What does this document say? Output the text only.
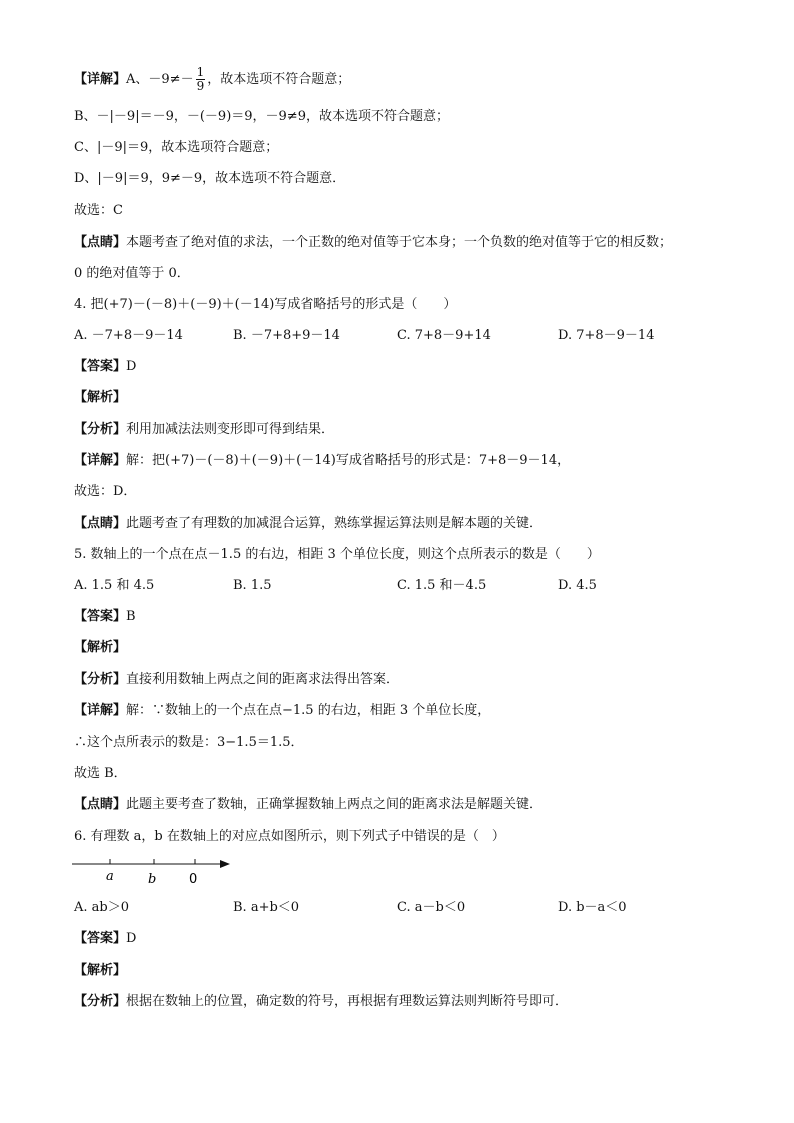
【详解】A、$-9\ne- \frac{1}{9}$ ，故本选项不符合题意；
B、－|－9|＝－9，－(－9)＝9，－9≠9，故本选项不符合题意；
C、|－9|＝9，故本选项符合题意；
D、|－9|＝9，9≠－9，故本选项不符合题意．
故选：C
【点睛】本题考查了绝对值的求法，一个正数的绝对值等于它本身；一个负数的绝对值等于它的相反数；
0 的绝对值等于 0．
4. 把(+7)－(－8)＋(－9)＋(－14)写成省略括号的形式是（　　）
A. －7+8－9－14	B. －7+8+9－14	C. 7+8－9+14	D. 7+8－9－14
【答案】D
【解析】
【分析】利用加减法法则变形即可得到结果．
【详解】解：把(+7)－(－8)＋(－9)＋(－14)写成省略括号的形式是：7+8－9－14，
故选：D．
【点睛】此题考查了有理数的加减混合运算，熟练掌握运算法则是解本题的关键．
5. 数轴上的一个点在点－1.5 的右边，相距 3 个单位长度，则这个点所表示的数是（　　）
A. 1.5 和 4.5	B. 1.5	C. 1.5 和－4.5	D. 4.5
【答案】B
【解析】
【分析】直接利用数轴上两点之间的距离求法得出答案．
【详解】解：∵数轴上的一个点在点−1.5 的右边，相距 3 个单位长度，
∴这个点所表示的数是：3−1.5＝1.5．
故选 B．
【点睛】此题主要考查了数轴，正确掌握数轴上两点之间的距离求法是解题关键．
6. 有理数 a，b 在数轴上的对应点如图所示，则下列式子中错误的是（　）
a	b	0
A. ab＞0	B. a+b＜0	C. a－b＜0	D. b－a＜0
【答案】D
【解析】
【分析】根据在数轴上的位置，确定数的符号，再根据有理数运算法则判断符号即可．
